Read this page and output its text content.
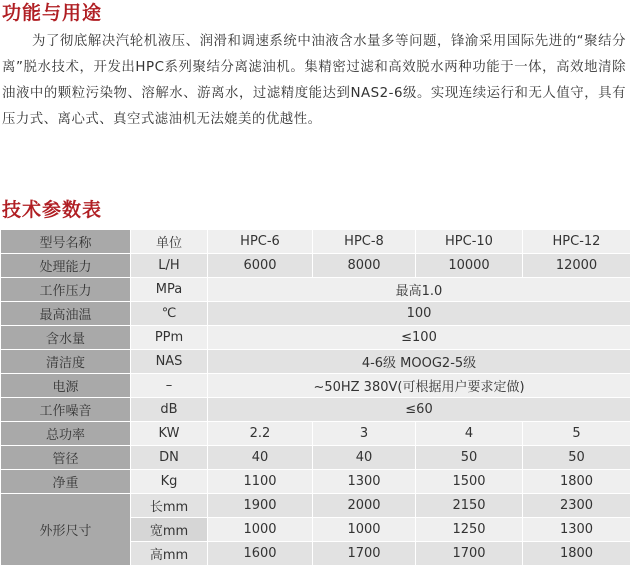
功能与用途

为了彻底解决汽轮机液压、润滑和调速系统中油液含水量多等问题，锋渝采用国际先进的“聚结分离”脱水技术，开发出HPC系列聚结分离滤油机。集精密过滤和高效脱水两种功能于一体，高效地清除油液中的颗粒污染物、溶解水、游离水，过滤精度能达到NAS2-6级。实现连续运行和无人值守，具有压力式、离心式、真空式滤油机无法媲美的优越性。

技术参数表
型号名称	单位	HPC-6	HPC-8	HPC-10	HPC-12
处理能力	L/H	6000	8000	10000	12000
工作压力	MPa	最高1.0			
最高油温	℃	100			
含水量	PPm	≤100			
清洁度	NAS	4-6级 MOOG2-5级			
电源	–	~50HZ 380V(可根据用户要求定做)			
工作噪音	dB	≤60			
总功率	KW	2.2	3	4	5
管径	DN	40	40	50	50
净重	Kg	1100	1300	1500	1800
外形尺寸	长mm	1900	2000	2150	2300
	宽mm	1000	1000	1250	1300
	高mm	1600	1700	1700	1800
